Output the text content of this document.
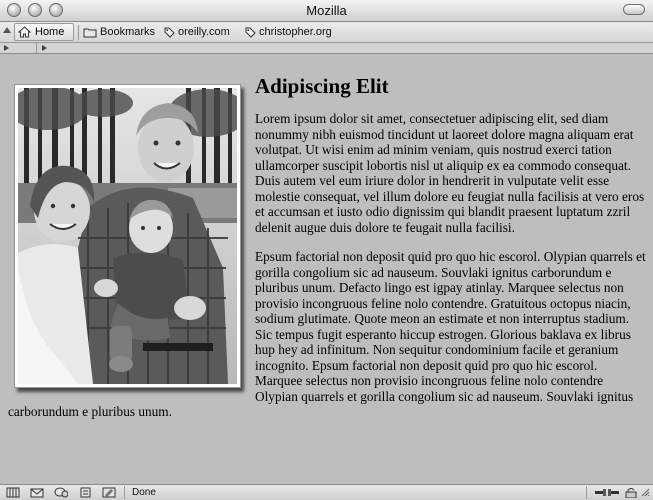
Mozilla
Home	Bookmarks oreilly.com	christopher.org
Adipiscing Elit

Lorem ipsum dolor sit amet, consectetuer adipiscing elit, sed diam nonummy nibh euismod tincidunt ut laoreet dolore magna aliquam erat volutpat. Ut wisi enim ad minim veniam, quis nostrud exerci tation ullamcorper suscipit lobortis nisl ut aliquip ex ea commodo consequat. Duis autem vel eum iriure dolor in hendrerit in vulputate velit esse molestie consequat, vel illum dolore eu feugiat nulla facilisis at vero eros et accumsan et iusto odio dignissim qui blandit praesent luptatum zzril delenit augue duis dolore te feugait nulla facilisi.

Epsum factorial non deposit quid pro quo hic escorol. Olypian quarrels et gorilla congolium sic ad nauseum. Souvlaki ignitus carborundum e pluribus unum. Defacto lingo est igpay atinlay. Marquee selectus non provisio incongruous feline nolo contendre. Gratuitous octopus niacin, sodium glutimate. Quote meon an estimate et non interruptus stadium. Sic tempus fugit esperanto hiccup estrogen. Glorious baklava ex librus hup hey ad infinitum. Non sequitur condominium facile et geranium incognito. Epsum factorial non deposit quid pro quo hic escorol. Marquee selectus non provisio incongruous feline nolo contendre Olypian quarrels et gorilla congolium sic ad nauseum. Souvlaki ignitus carborundum e pluribus unum.

Done
